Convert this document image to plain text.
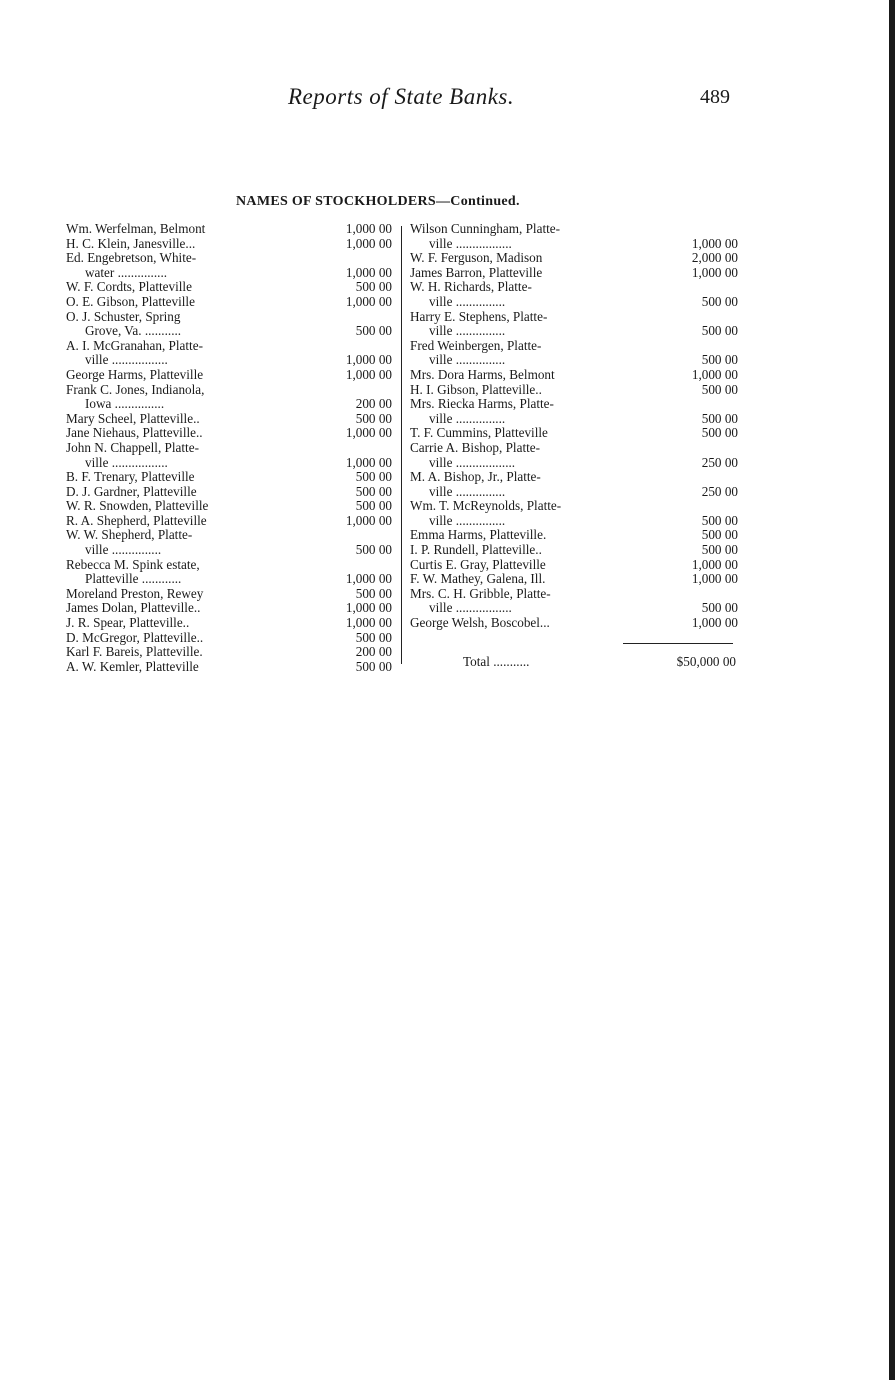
Reports of State Banks.	489
NAMES OF STOCKHOLDERS—Continued.
Wm. Werfelman, Belmont	1,000 00
H. C. Klein, Janesville...	1,000 00
Ed. Engebretson, White-
water ...............	1,000 00
W. F. Cordts, Platteville	500 00
O. E. Gibson, Platteville	1,000 00
O. J. Schuster, Spring
Grove, Va. ...........	500 00
A. I. McGranahan, Platte-
ville .................	1,000 00
George Harms, Platteville	1,000 00
Frank C. Jones, Indianola,
Iowa ...............	200 00
Mary Scheel, Platteville..	500 00
Jane Niehaus, Platteville..	1,000 00
John N. Chappell, Platte-
ville .................	1,000 00
B. F. Trenary, Platteville	500 00
D. J. Gardner, Platteville	500 00
W. R. Snowden, Platteville	500 00
R. A. Shepherd, Platteville	1,000 00
W. W. Shepherd, Platte-
ville ...............	500 00
Rebecca M. Spink estate,
Platteville ............	1,000 00
Moreland Preston, Rewey	500 00
James Dolan, Platteville..	1,000 00
J. R. Spear, Platteville..	1,000 00
D. McGregor, Platteville..	500 00
Karl F. Bareis, Platteville.	200 00
A. W. Kemler, Platteville	500 00
Wilson Cunningham, Platte-
ville .................	1,000 00
W. F. Ferguson, Madison	2,000 00
James Barron, Platteville	1,000 00
W. H. Richards, Platte-
ville ...............	500 00
Harry E. Stephens, Platte-
ville ...............	500 00
Fred Weinbergen, Platte-
ville ...............	500 00
Mrs. Dora Harms, Belmont	1,000 00
H. I. Gibson, Platteville..	500 00
Mrs. Riecka Harms, Platte-
ville ...............	500 00
T. F. Cummins, Platteville	500 00
Carrie A. Bishop, Platte-
ville ..................	250 00
M. A. Bishop, Jr., Platte-
ville ...............	250 00
Wm. T. McReynolds, Platte-
ville ...............	500 00
Emma Harms, Platteville.	500 00
I. P. Rundell, Platteville..	500 00
Curtis E. Gray, Platteville	1,000 00
F. W. Mathey, Galena, Ill.	1,000 00
Mrs. C. H. Gribble, Platte-
ville .................	500 00
George Welsh, Boscobel...	1,000 00
Total ...........	$50,000 00
